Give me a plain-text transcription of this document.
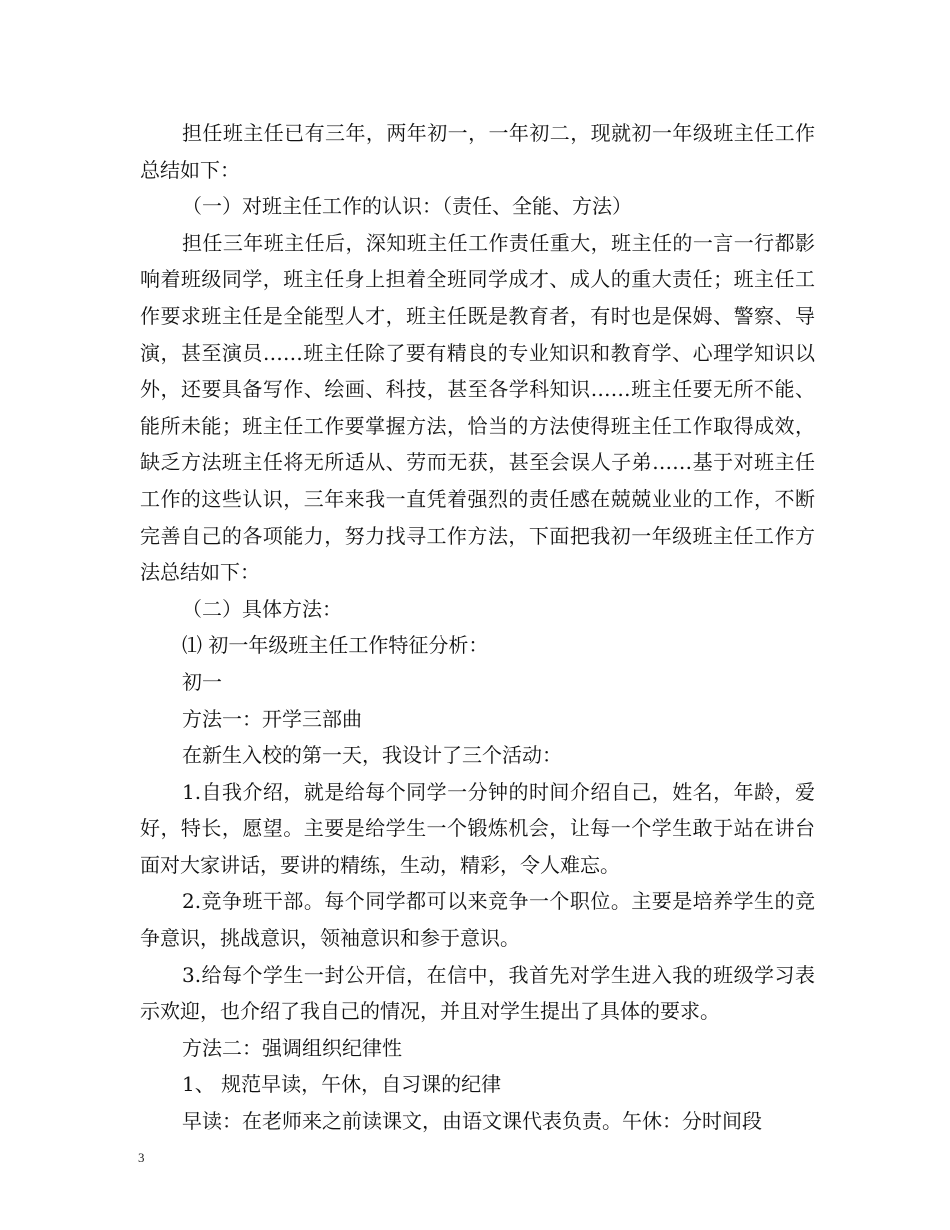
担任班主任已有三年，两年初一，一年初二，现就初一年级班主任工作总结如下：

（一）对班主任工作的认识：（责任、全能、方法）

担任三年班主任后，深知班主任工作责任重大，班主任的一言一行都影响着班级同学，班主任身上担着全班同学成才、成人的重大责任；班主任工作要求班主任是全能型人才，班主任既是教育者，有时也是保姆、警察、导演，甚至演员……班主任除了要有精良的专业知识和教育学、心理学知识以外，还要具备写作、绘画、科技，甚至各学科知识……班主任要无所不能、能所未能；班主任工作要掌握方法，恰当的方法使得班主任工作取得成效，缺乏方法班主任将无所适从、劳而无获，甚至会误人子弟……基于对班主任工作的这些认识，三年来我一直凭着强烈的责任感在兢兢业业的工作，不断完善自己的各项能力，努力找寻工作方法，下面把我初一年级班主任工作方法总结如下：

（二）具体方法：

⑴ 初一年级班主任工作特征分析：

初一

方法一：开学三部曲

在新生入校的第一天，我设计了三个活动：

1.自我介绍，就是给每个同学一分钟的时间介绍自己，姓名，年龄，爱好，特长，愿望。主要是给学生一个锻炼机会，让每一个学生敢于站在讲台面对大家讲话，要讲的精练，生动，精彩，令人难忘。

2.竞争班干部。每个同学都可以来竞争一个职位。主要是培养学生的竞争意识，挑战意识，领袖意识和参于意识。

3.给每个学生一封公开信，在信中，我首先对学生进入我的班级学习表示欢迎，也介绍了我自己的情况，并且对学生提出了具体的要求。

方法二：强调组织纪律性

1、 规范早读，午休，自习课的纪律

早读：在老师来之前读课文，由语文课代表负责。午休：分时间段

3
